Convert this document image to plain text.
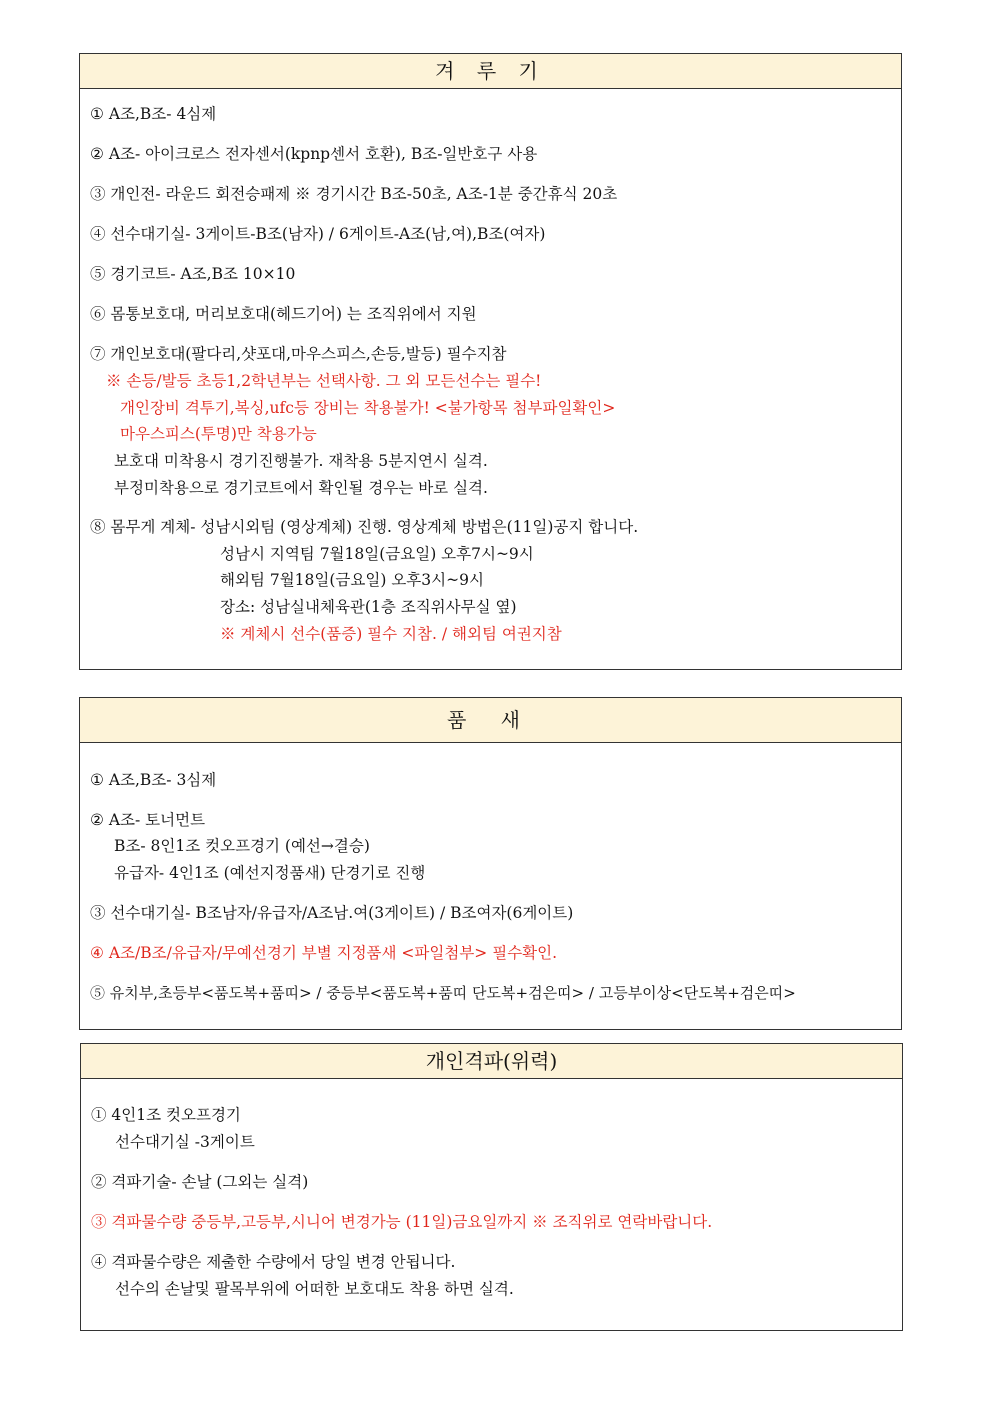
겨 루 기
① A조,B조- 4심제
② A조- 아이크로스 전자센서(kpnp센서 호환), B조-일반호구 사용
③ 개인전- 라운드 회전승패제 ※ 경기시간 B조-50초, A조-1분 중간휴식 20초
④ 선수대기실- 3게이트-B조(남자) / 6게이트-A조(남,여),B조(여자)
⑤ 경기코트- A조,B조 10×10
⑥ 몸통보호대, 머리보호대(헤드기어) 는 조직위에서 지원
⑦ 개인보호대(팔다리,샷포대,마우스피스,손등,발등) 필수지참
※ 손등/발등 초등1,2학년부는 선택사항. 그 외 모든선수는 필수!
개인장비 격투기,복싱,ufc등 장비는 착용불가! <불가항목 첨부파일확인>
마우스피스(투명)만 착용가능
보호대 미착용시 경기진행불가. 재착용 5분지연시 실격.
부정미착용으로 경기코트에서 확인될 경우는 바로 실격.
⑧ 몸무게 계체- 성남시외팀 (영상계체) 진행. 영상계체 방법은(11일)공지 합니다.
성남시 지역팀 7월18일(금요일) 오후7시~9시
해외팀 7월18일(금요일) 오후3시~9시
장소: 성남실내체육관(1층 조직위사무실 옆)
※ 계체시 선수(품증) 필수 지참. / 해외팀 여권지참
품 새
① A조,B조- 3심제
② A조- 토너먼트
B조- 8인1조 컷오프경기 (예선→결승)
유급자- 4인1조 (예선지정품새) 단경기로 진행
③ 선수대기실- B조남자/유급자/A조남.여(3게이트) / B조여자(6게이트)
④ A조/B조/유급자/무예선경기 부별 지정품새 <파일첨부> 필수확인.
⑤ 유치부,초등부<품도복+품띠> / 중등부<품도복+품띠 단도복+검은띠> / 고등부이상<단도복+검은띠>
개인격파(위력)
① 4인1조 컷오프경기
선수대기실 -3게이트
② 격파기술- 손날 (그외는 실격)
③ 격파물수량 중등부,고등부,시니어 변경가능 (11일)금요일까지 ※ 조직위로 연락바랍니다.
④ 격파물수량은 제출한 수량에서 당일 변경 안됩니다.
선수의 손날및 팔목부위에 어떠한 보호대도 착용 하면 실격.
